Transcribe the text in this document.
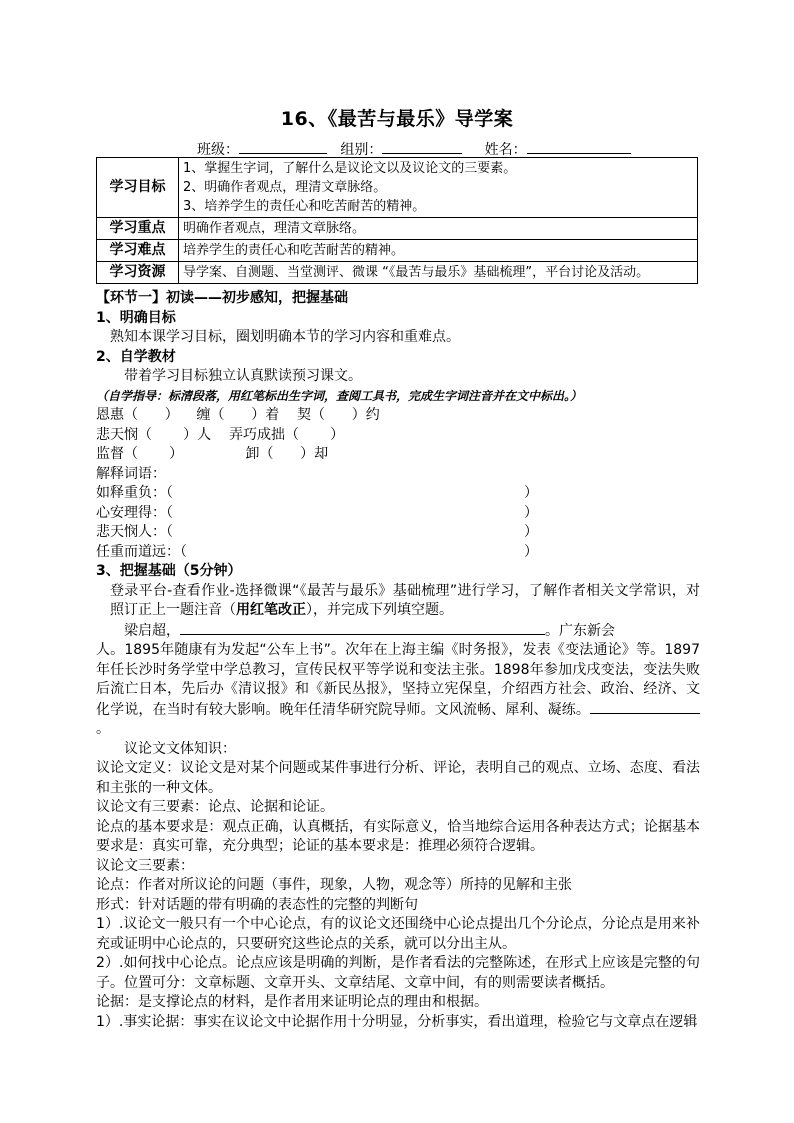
16、《最苦与最乐》导学案
班级：	组别：	姓名：
学习目标	1、掌握生字词，了解什么是议论文以及议论文的三要素。
2、明确作者观点，理清文章脉络。
3、培养学生的责任心和吃苦耐苦的精神。

学习重点	明确作者观点，理清文章脉络。
学习难点	培养学生的责任心和吃苦耐苦的精神。
学习资源	导学案、自测题、当堂测评、微课 “《最苦与最乐》基础梳理”，平台讨论及活动。

【环节一】初读——初步感知，把握基础

1、明确目标

熟知本课学习目标，圈划明确本节的学习内容和重难点。

2、自学教材

带着学习目标独立认真默读预习课文。

（自学指导：标清段落，用红笔标出生字词，查阅工具书，完成生字词注音并在文中标出。）

恩惠（      ）    缠（      ）着    契（      ）约

悲天悯（       ）人    弄巧成拙（       ）

监督（       ）              卸（      ）却

解释词语：

如释重负：（	）
心安理得：（	）
悲天悯人：（	）
任重而道远：（	）

3、把握基础（5分钟）

登录平台-查看作业-选择微课“《最苦与最乐》基础梳理”进行学习，了解作者相关文学常识，对照订正上一题注音（用红笔改正），并完成下列填空题。

梁启超，	。广东新会

人。1895年随康有为发起“公车上书”。次年在上海主编《时务报》，发表《变法通论》等。1897年任长沙时务学堂中学总教习，宣传民权平等学说和变法主张。1898年参加戊戌变法，变法失败后流亡日本，先后办《清议报》和《新民丛报》，坚持立宪保皇，介绍西方社会、政治、经济、文化学说，在当时有较大影响。晚年任清华研究院导师。文风流畅、犀利、凝练。。

议论文文体知识：

议论文定义：议论文是对某个问题或某件事进行分析、评论，表明自己的观点、立场、态度、看法和主张的一种文体。

议论文有三要素：论点、论据和论证。

论点的基本要求是：观点正确，认真概括，有实际意义，恰当地综合运用各种表达方式；论据基本要求是：真实可靠，充分典型；论证的基本要求是：推理必须符合逻辑。

议论文三要素：

论点：作者对所议论的问题（事件，现象，人物，观念等）所持的见解和主张

形式：针对话题的带有明确的表态性的完整的判断句

1）.议论文一般只有一个中心论点，有的议论文还围绕中心论点提出几个分论点，分论点是用来补充或证明中心论点的，只要研究这些论点的关系，就可以分出主从。

2）.如何找中心论点。论点应该是明确的判断，是作者看法的完整陈述，在形式上应该是完整的句子。位置可分：文章标题、文章开头、文章结尾、文章中间，有的则需要读者概括。

论据：是支撑论点的材料，是作者用来证明论点的理由和根据。

1）.事实论据：事实在议论文中论据作用十分明显，分析事实，看出道理，检验它与文章点在逻辑
